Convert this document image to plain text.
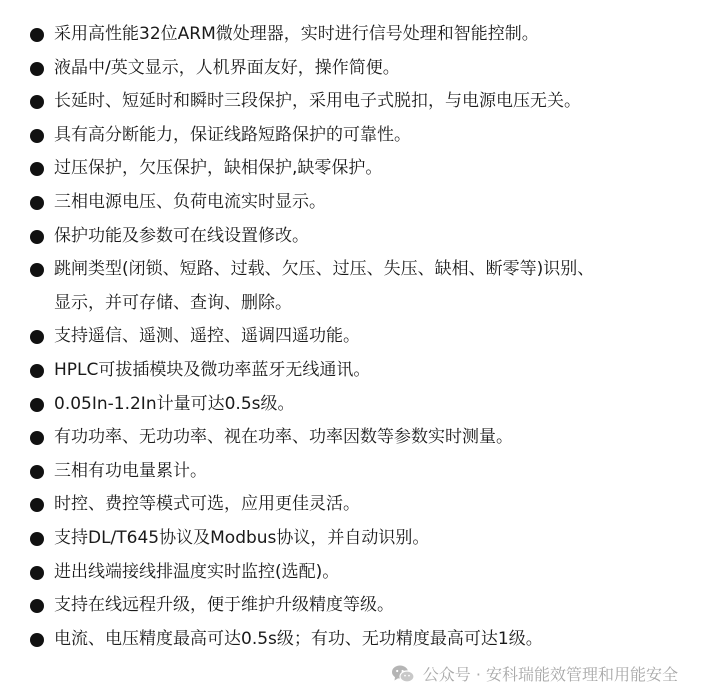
采用高性能32位ARM微处理器，实时进行信号处理和智能控制。
液晶中/英文显示，人机界面友好，操作简便。
长延时、短延时和瞬时三段保护，采用电子式脱扣，与电源电压无关。
具有高分断能力，保证线路短路保护的可靠性。
过压保护，欠压保护，缺相保护,缺零保护。
三相电源电压、负荷电流实时显示。
保护功能及参数可在线设置修改。
跳闸类型(闭锁、短路、过载、欠压、过压、失压、缺相、断零等)识别、
显示，并可存储、查询、删除。
支持遥信、遥测、遥控、遥调四遥功能。
HPLC可拔插模块及微功率蓝牙无线通讯。
0.05In-1.2In计量可达0.5s级。
有功功率、无功功率、视在功率、功率因数等参数实时测量。
三相有功电量累计。
时控、费控等模式可选，应用更佳灵活。
支持DL/T645协议及Modbus协议，并自动识别。
进出线端接线排温度实时监控(选配)。
支持在线远程升级，便于维护升级精度等级。
电流、电压精度最高可达0.5s级；有功、无功精度最高可达1级。
公众号 · 安科瑞能效管理和用能安全
